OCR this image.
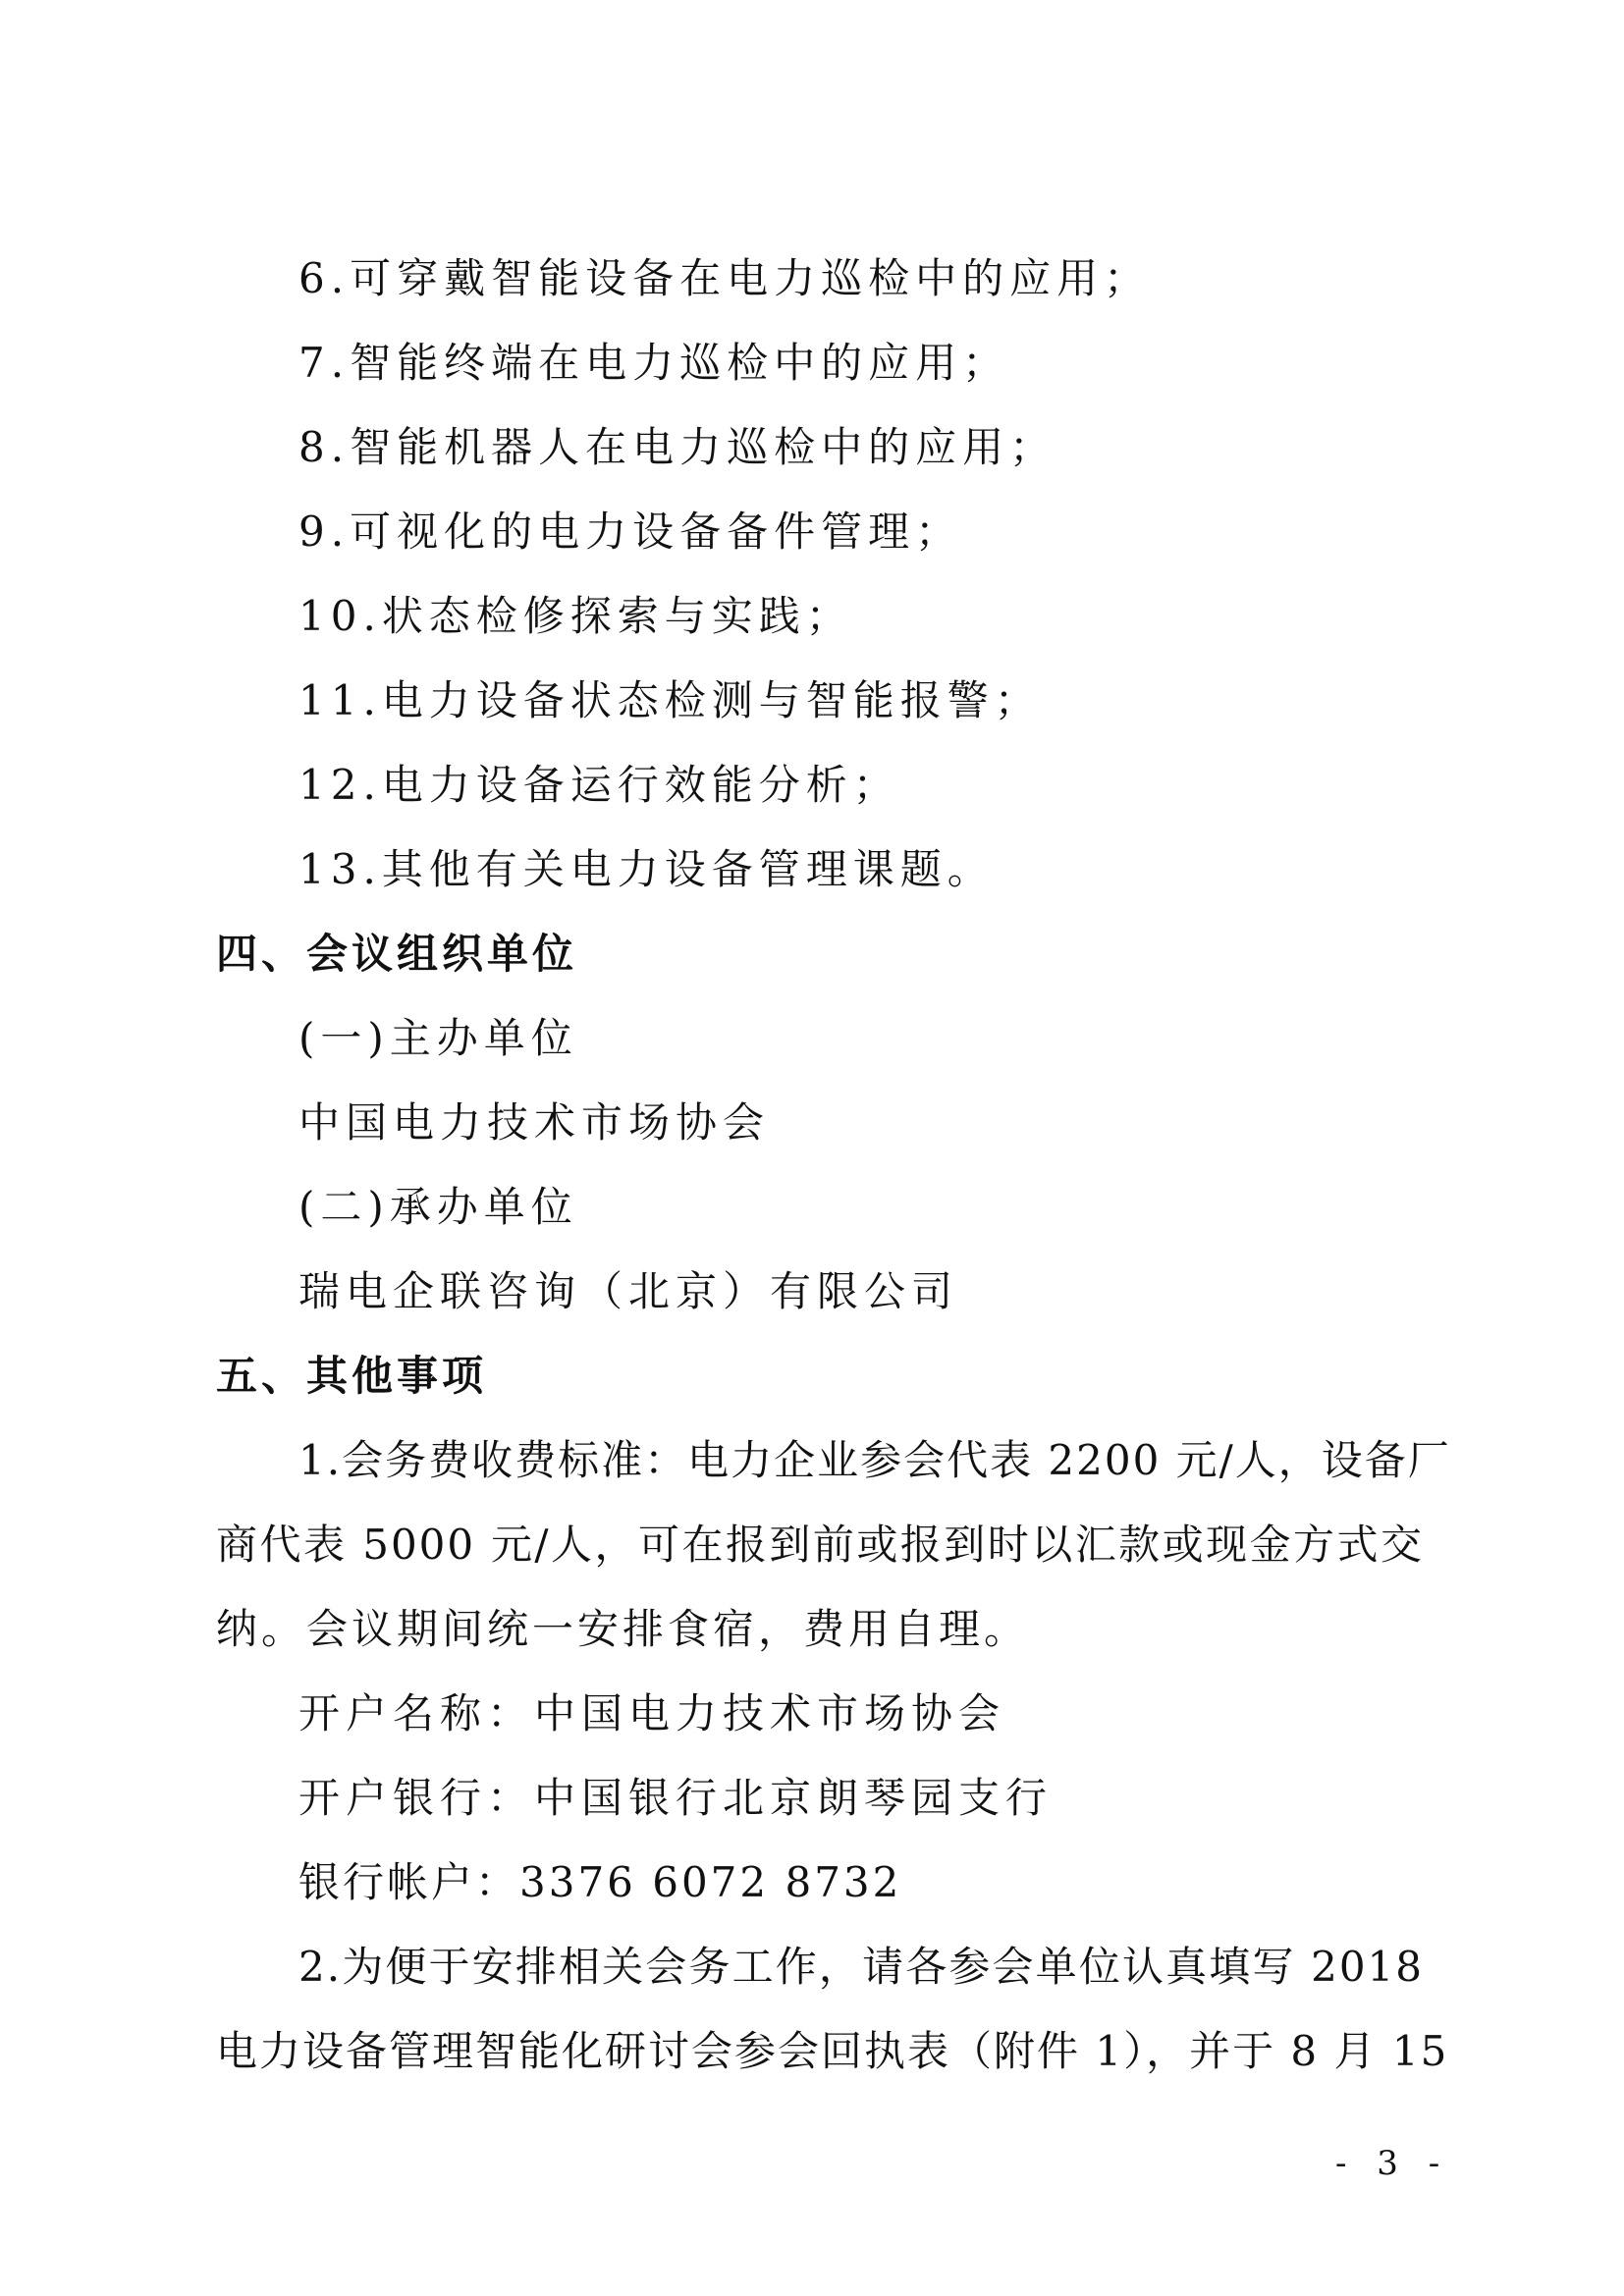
6.可穿戴智能设备在电力巡检中的应用；
7.智能终端在电力巡检中的应用；
8.智能机器人在电力巡检中的应用；
9.可视化的电力设备备件管理；
10.状态检修探索与实践；
11.电力设备状态检测与智能报警；
12.电力设备运行效能分析；
13.其他有关电力设备管理课题。
四、会议组织单位
(一)主办单位
中国电力技术市场协会
(二)承办单位
瑞电企联咨询（北京）有限公司
五、其他事项
1.会务费收费标准：电力企业参会代表 2200 元/人，设备厂
商代表 5000 元/人，可在报到前或报到时以汇款或现金方式交
纳。会议期间统一安排食宿，费用自理。
开户名称：中国电力技术市场协会
开户银行：中国银行北京朗琴园支行
银行帐户：3376 6072 8732
2.为便于安排相关会务工作，请各参会单位认真填写 2018
电力设备管理智能化研讨会参会回执表（附件 1），并于 8 月 15
- 3 -
